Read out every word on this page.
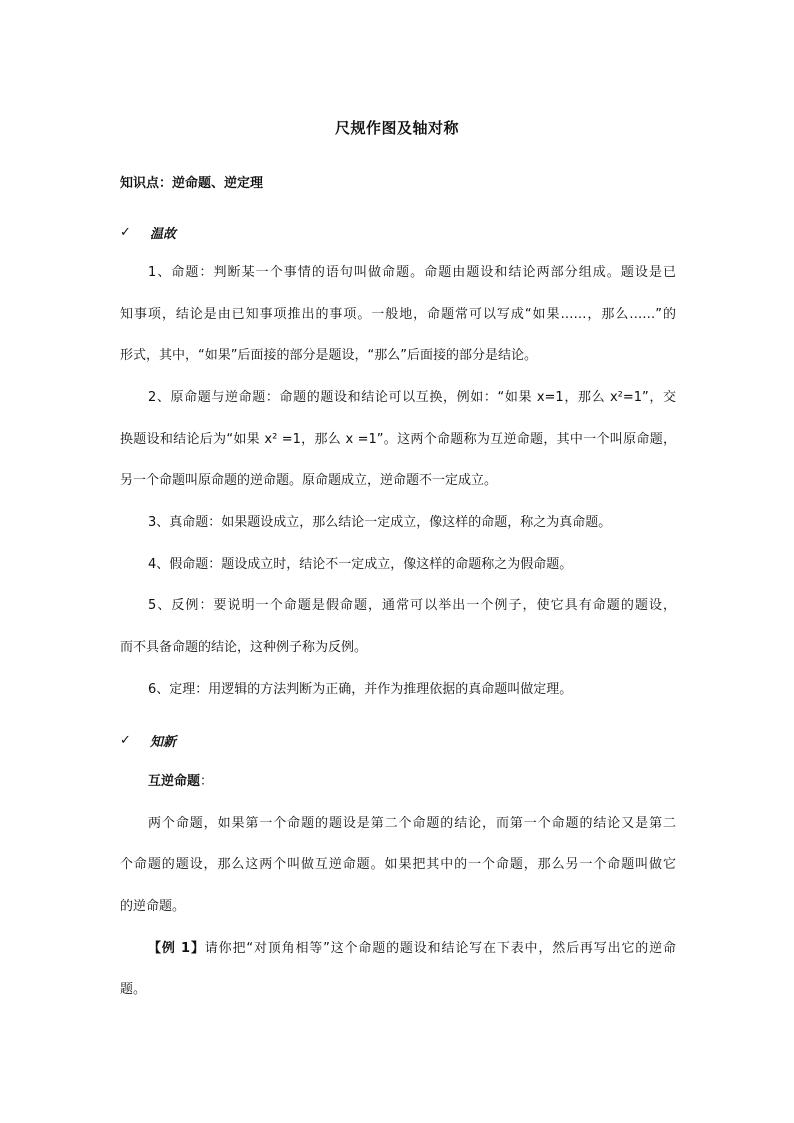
尺规作图及轴对称
知识点：逆命题、逆定理
✓	温故
1、命题：判断某一个事情的语句叫做命题。命题由题设和结论两部分组成。题设是已
知事项，结论是由已知事项推出的事项。一般地，命题常可以写成“如果……，那么……”的
形式，其中，“如果”后面接的部分是题设，“那么”后面接的部分是结论。
2、原命题与逆命题：命题的题设和结论可以互换，例如：“如果 x=1，那么 x²=1”，交
换题设和结论后为“如果 x² =1，那么 x =1”。这两个命题称为互逆命题，其中一个叫原命题，
另一个命题叫原命题的逆命题。原命题成立，逆命题不一定成立。
3、真命题：如果题设成立，那么结论一定成立，像这样的命题，称之为真命题。
4、假命题：题设成立时，结论不一定成立，像这样的命题称之为假命题。
5、反例：要说明一个命题是假命题，通常可以举出一个例子，使它具有命题的题设，
而不具备命题的结论，这种例子称为反例。
6、定理：用逻辑的方法判断为正确，并作为推理依据的真命题叫做定理。
✓	知新
互逆命题：
两个命题，如果第一个命题的题设是第二个命题的结论，而第一个命题的结论又是第二
个命题的题设，那么这两个叫做互逆命题。如果把其中的一个命题，那么另一个命题叫做它
的逆命题。
【例 1】请你把“对顶角相等”这个命题的题设和结论写在下表中，然后再写出它的逆命
题。
